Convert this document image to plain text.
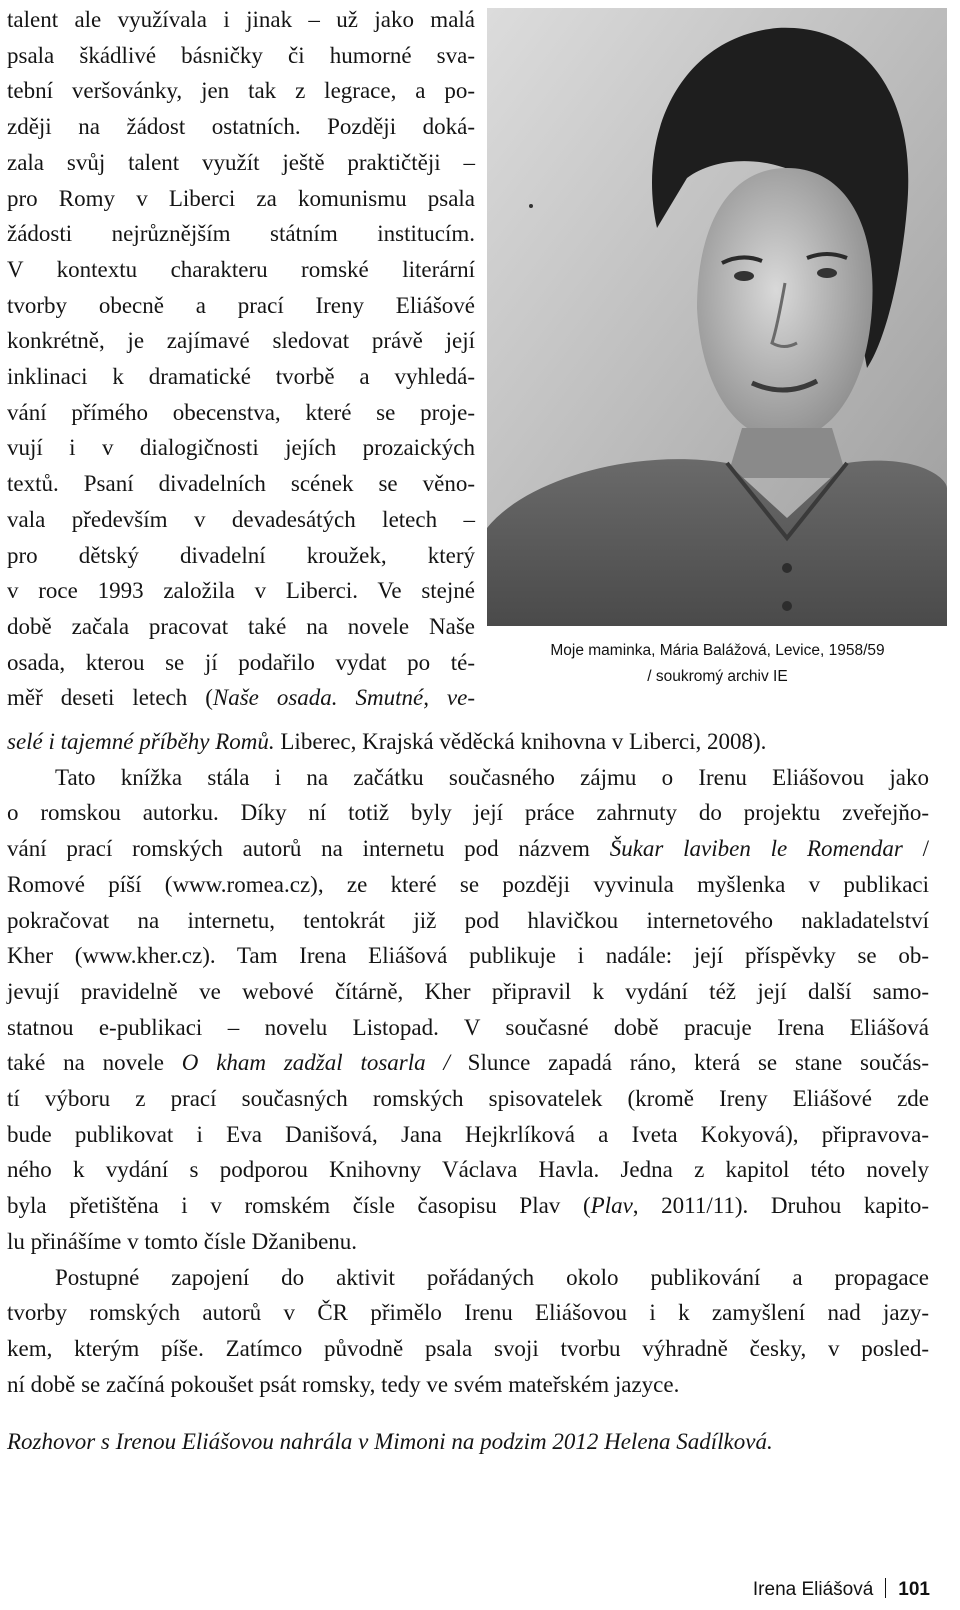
talent ale využívala i jinak – už jako malá
psala škádlivé básničky či humorné sva-
tební veršovánky, jen tak z legrace, a po-
zději na žádost ostatních. Později doká-
zala svůj talent využít ještě praktičtěji –
pro Romy v Liberci za komunismu psala
žádosti nejrůznějším státním institucím.
V kontextu charakteru romské literární
tvorby obecně a prací Ireny Eliášové
konkrétně, je zajímavé sledovat právě její
inklinaci k dramatické tvorbě a vyhledá-
vání přímého obecenstva, které se proje-
vují i v dialogičnosti jejích prozaických
textů. Psaní divadelních scének se věno-
vala především v devadesátých letech –
pro dětský divadelní kroužek, který
v roce 1993 založila v Liberci. Ve stejné
době začala pracovat také na novele Naše
osada, kterou se jí podařilo vydat po té-
měř deseti letech (Naše osada. Smutné, ve-
Moje maminka, Mária Balážová, Levice, 1958/59
/ soukromý archiv IE
selé i tajemné příběhy Romů. Liberec, Krajská věděcká knihovna v Liberci, 2008).
Tato knížka stála i na začátku současného zájmu o Irenu Eliášovou jako
o romskou autorku. Díky ní totiž byly její práce zahrnuty do projektu zveřejňo-
vání prací romských autorů na internetu pod názvem Šukar laviben le Romendar /
Romové píší (www.romea.cz), ze které se později vyvinula myšlenka v publikaci
pokračovat na internetu, tentokrát již pod hlavičkou internetového nakladatelství
Kher (www.kher.cz). Tam Irena Eliášová publikuje i nadále: její příspěvky se ob-
jevují pravidelně ve webové čítárně, Kher připravil k vydání též její další samo-
statnou e-publikaci – novelu Listopad. V současné době pracuje Irena Eliášová
také na novele O kham zadžal tosarla / Slunce zapadá ráno, která se stane součás-
tí výboru z prací současných romských spisovatelek (kromě Ireny Eliášové zde
bude publikovat i Eva Danišová, Jana Hejkrlíková a Iveta Kokyová), připravova-
ného k vydání s podporou Knihovny Václava Havla. Jedna z kapitol této novely
byla přetištěna i v romském čísle časopisu Plav (Plav, 2011/11). Druhou kapito-
lu přinášíme v tomto čísle Džanibenu.
Postupné zapojení do aktivit pořádaných okolo publikování a propagace
tvorby romských autorů v ČR přimělo Irenu Eliášovou i k zamyšlení nad jazy-
kem, kterým píše. Zatímco původně psala svoji tvorbu výhradně česky, v posled-
ní době se začíná pokoušet psát romsky, tedy ve svém mateřském jazyce.
Rozhovor s Irenou Eliášovou nahrála v Mimoni na podzim 2012 Helena Sadílková.
Irena Eliášová 101
